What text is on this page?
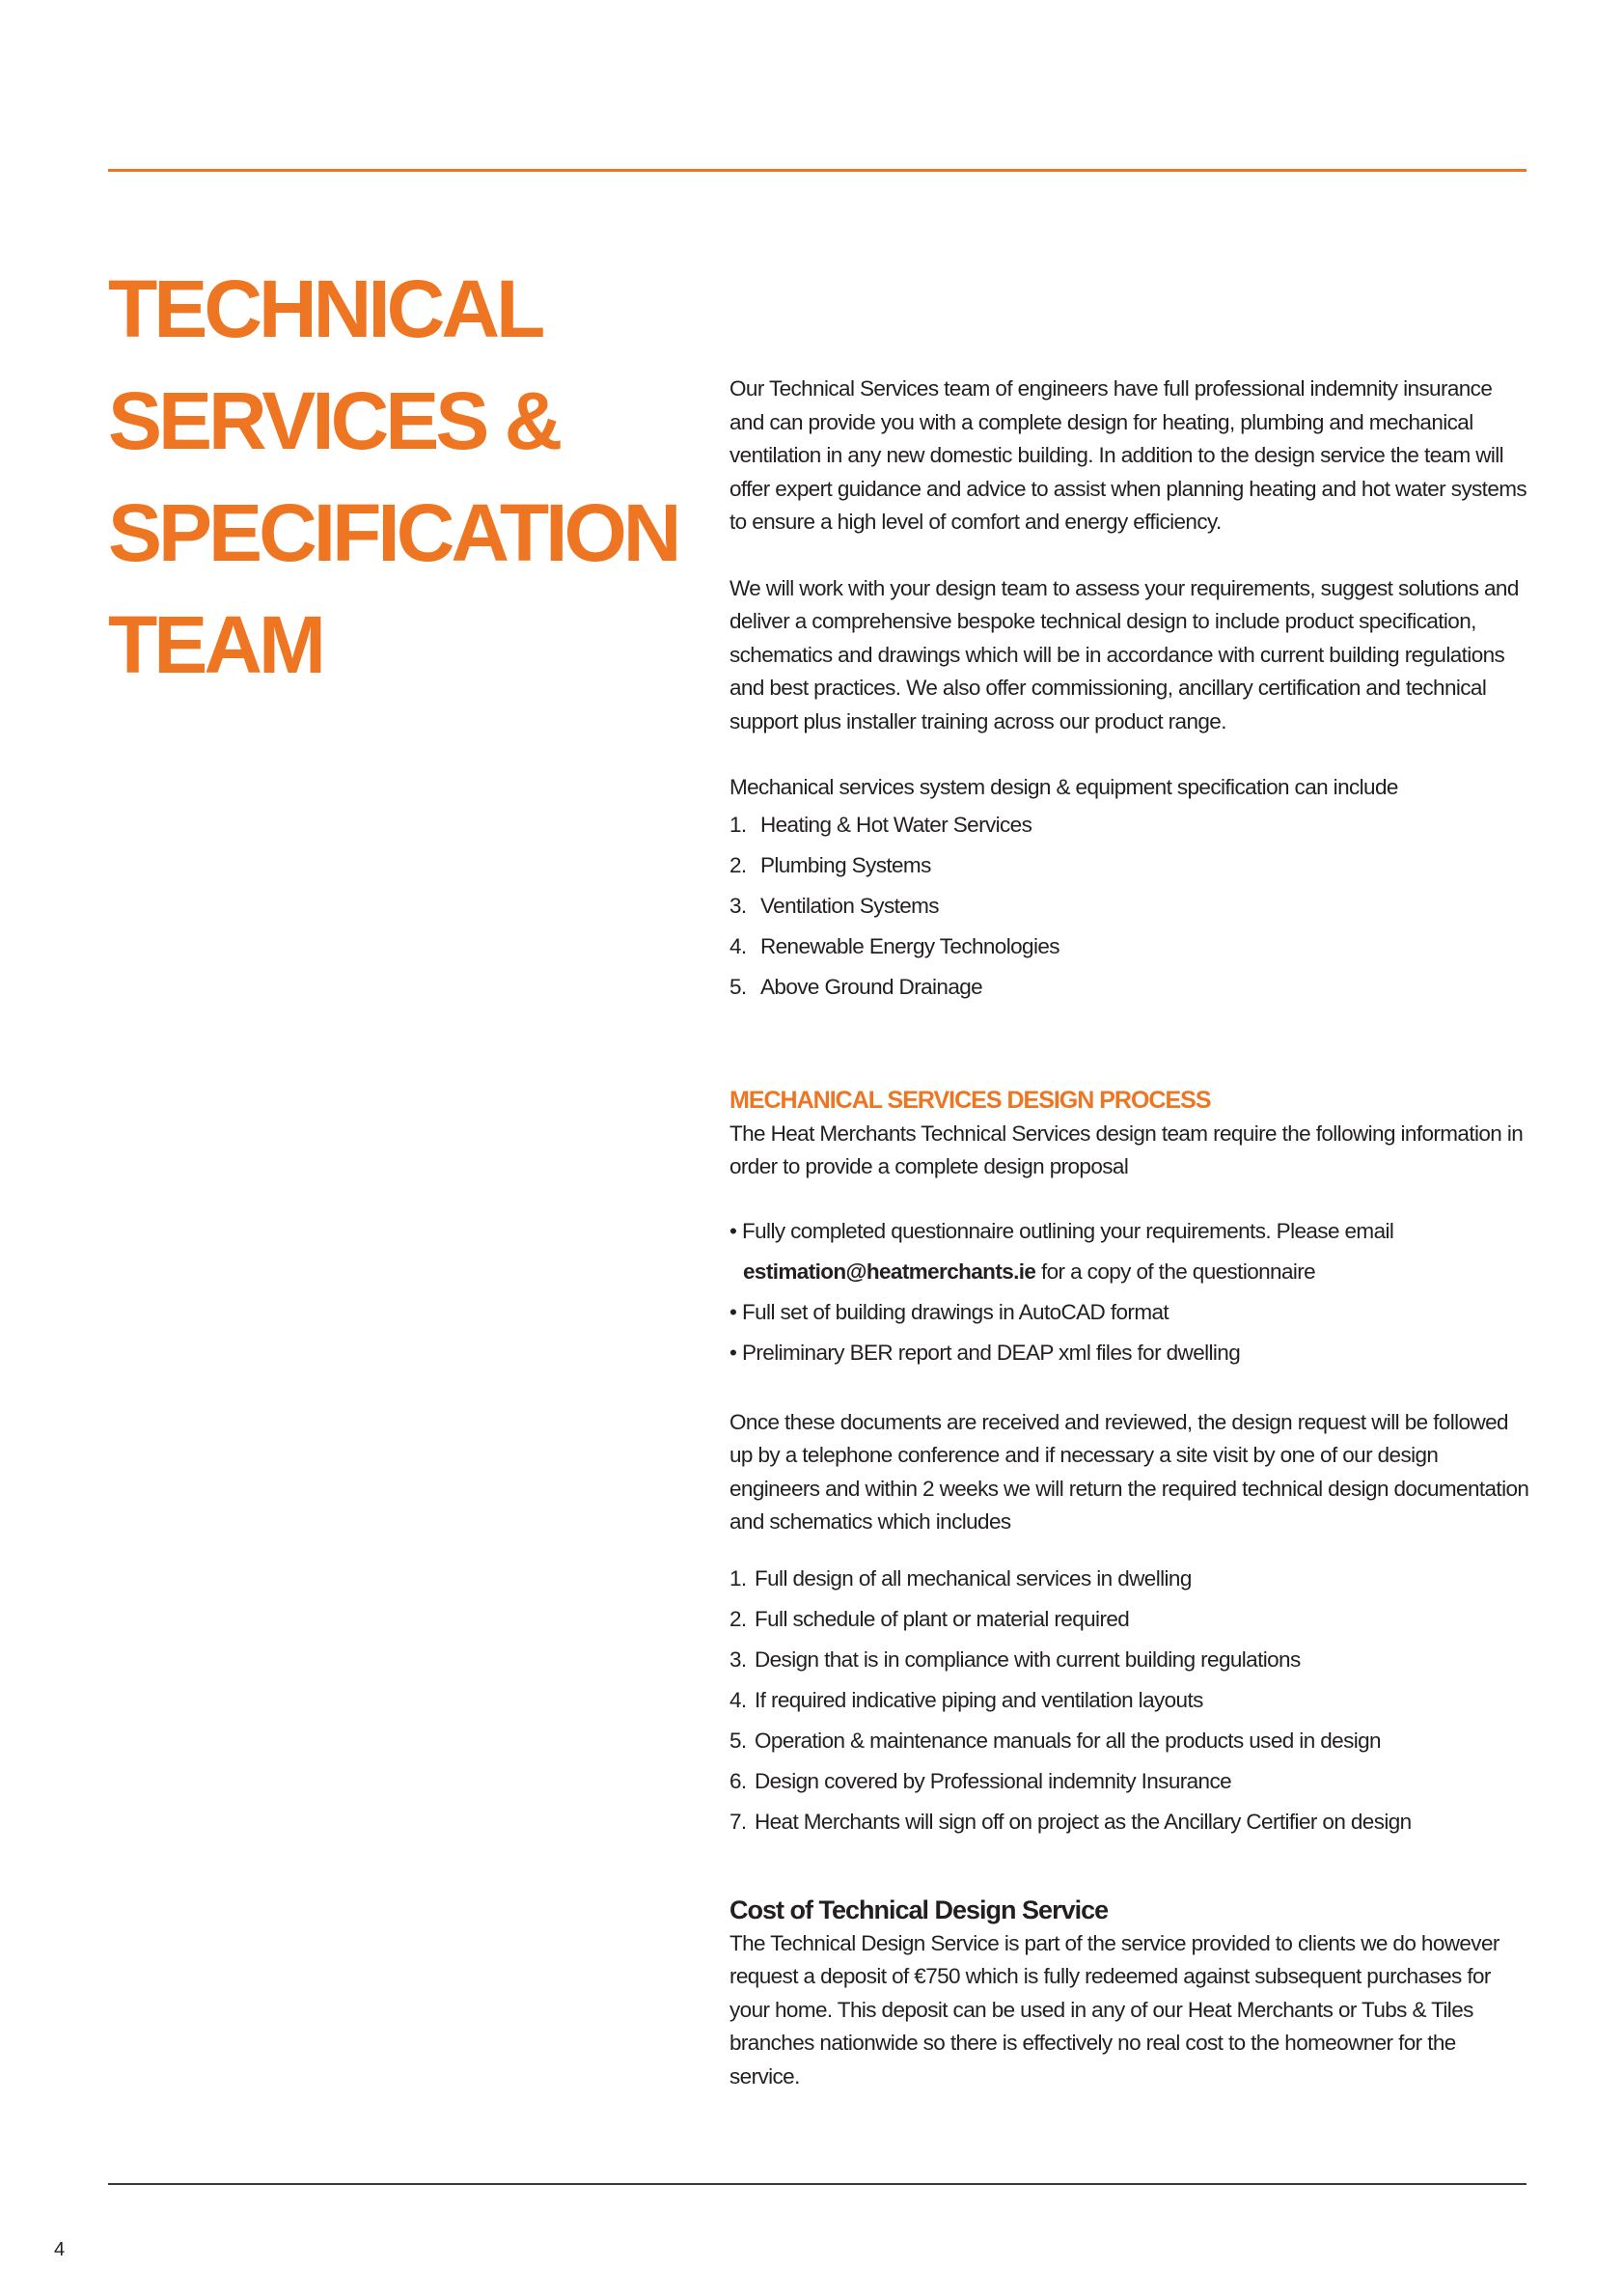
TECHNICAL
SERVICES &
SPECIFICATION
TEAM

Our Technical Services team of engineers have full professional indemnity insurance and can provide you with a complete design for heating, plumbing and mechanical ventilation in any new domestic building. In addition to the design service the team will offer expert guidance and advice to assist when planning heating and hot water systems to ensure a high level of comfort and energy efficiency.

We will work with your design team to assess your requirements, suggest solutions and deliver a comprehensive bespoke technical design to include product specification, schematics and drawings which will be in accordance with current building regulations and best practices. We also offer commissioning, ancillary certification and technical support plus installer training across our product range.

Mechanical services system design & equipment specification can include

1. Heating & Hot Water Services
2. Plumbing Systems
3. Ventilation Systems
4. Renewable Energy Technologies
5. Above Ground Drainage
MECHANICAL SERVICES DESIGN PROCESS

The Heat Merchants Technical Services design team require the following information in order to provide a complete design proposal

• Fully completed questionnaire outlining your requirements. Please email
estimation@heatmerchants.ie for a copy of the questionnaire
• Full set of building drawings in AutoCAD format
• Preliminary BER report and DEAP xml files for dwelling

Once these documents are received and reviewed, the design request will be followed up by a telephone conference and if necessary a site visit by one of our design engineers and within 2 weeks we will return the required technical design documentation and schematics which includes

1. Full design of all mechanical services in dwelling
2. Full schedule of plant or material required
3. Design that is in compliance with current building regulations
4. If required indicative piping and ventilation layouts
5. Operation & maintenance manuals for all the products used in design
6. Design covered by Professional indemnity Insurance
7. Heat Merchants will sign off on project as the Ancillary Certifier on design
Cost of Technical Design Service

The Technical Design Service is part of the service provided to clients we do however request a deposit of €750 which is fully redeemed against subsequent purchases for your home. This deposit can be used in any of our Heat Merchants or Tubs & Tiles branches nationwide so there is effectively no real cost to the homeowner for the service.

4
